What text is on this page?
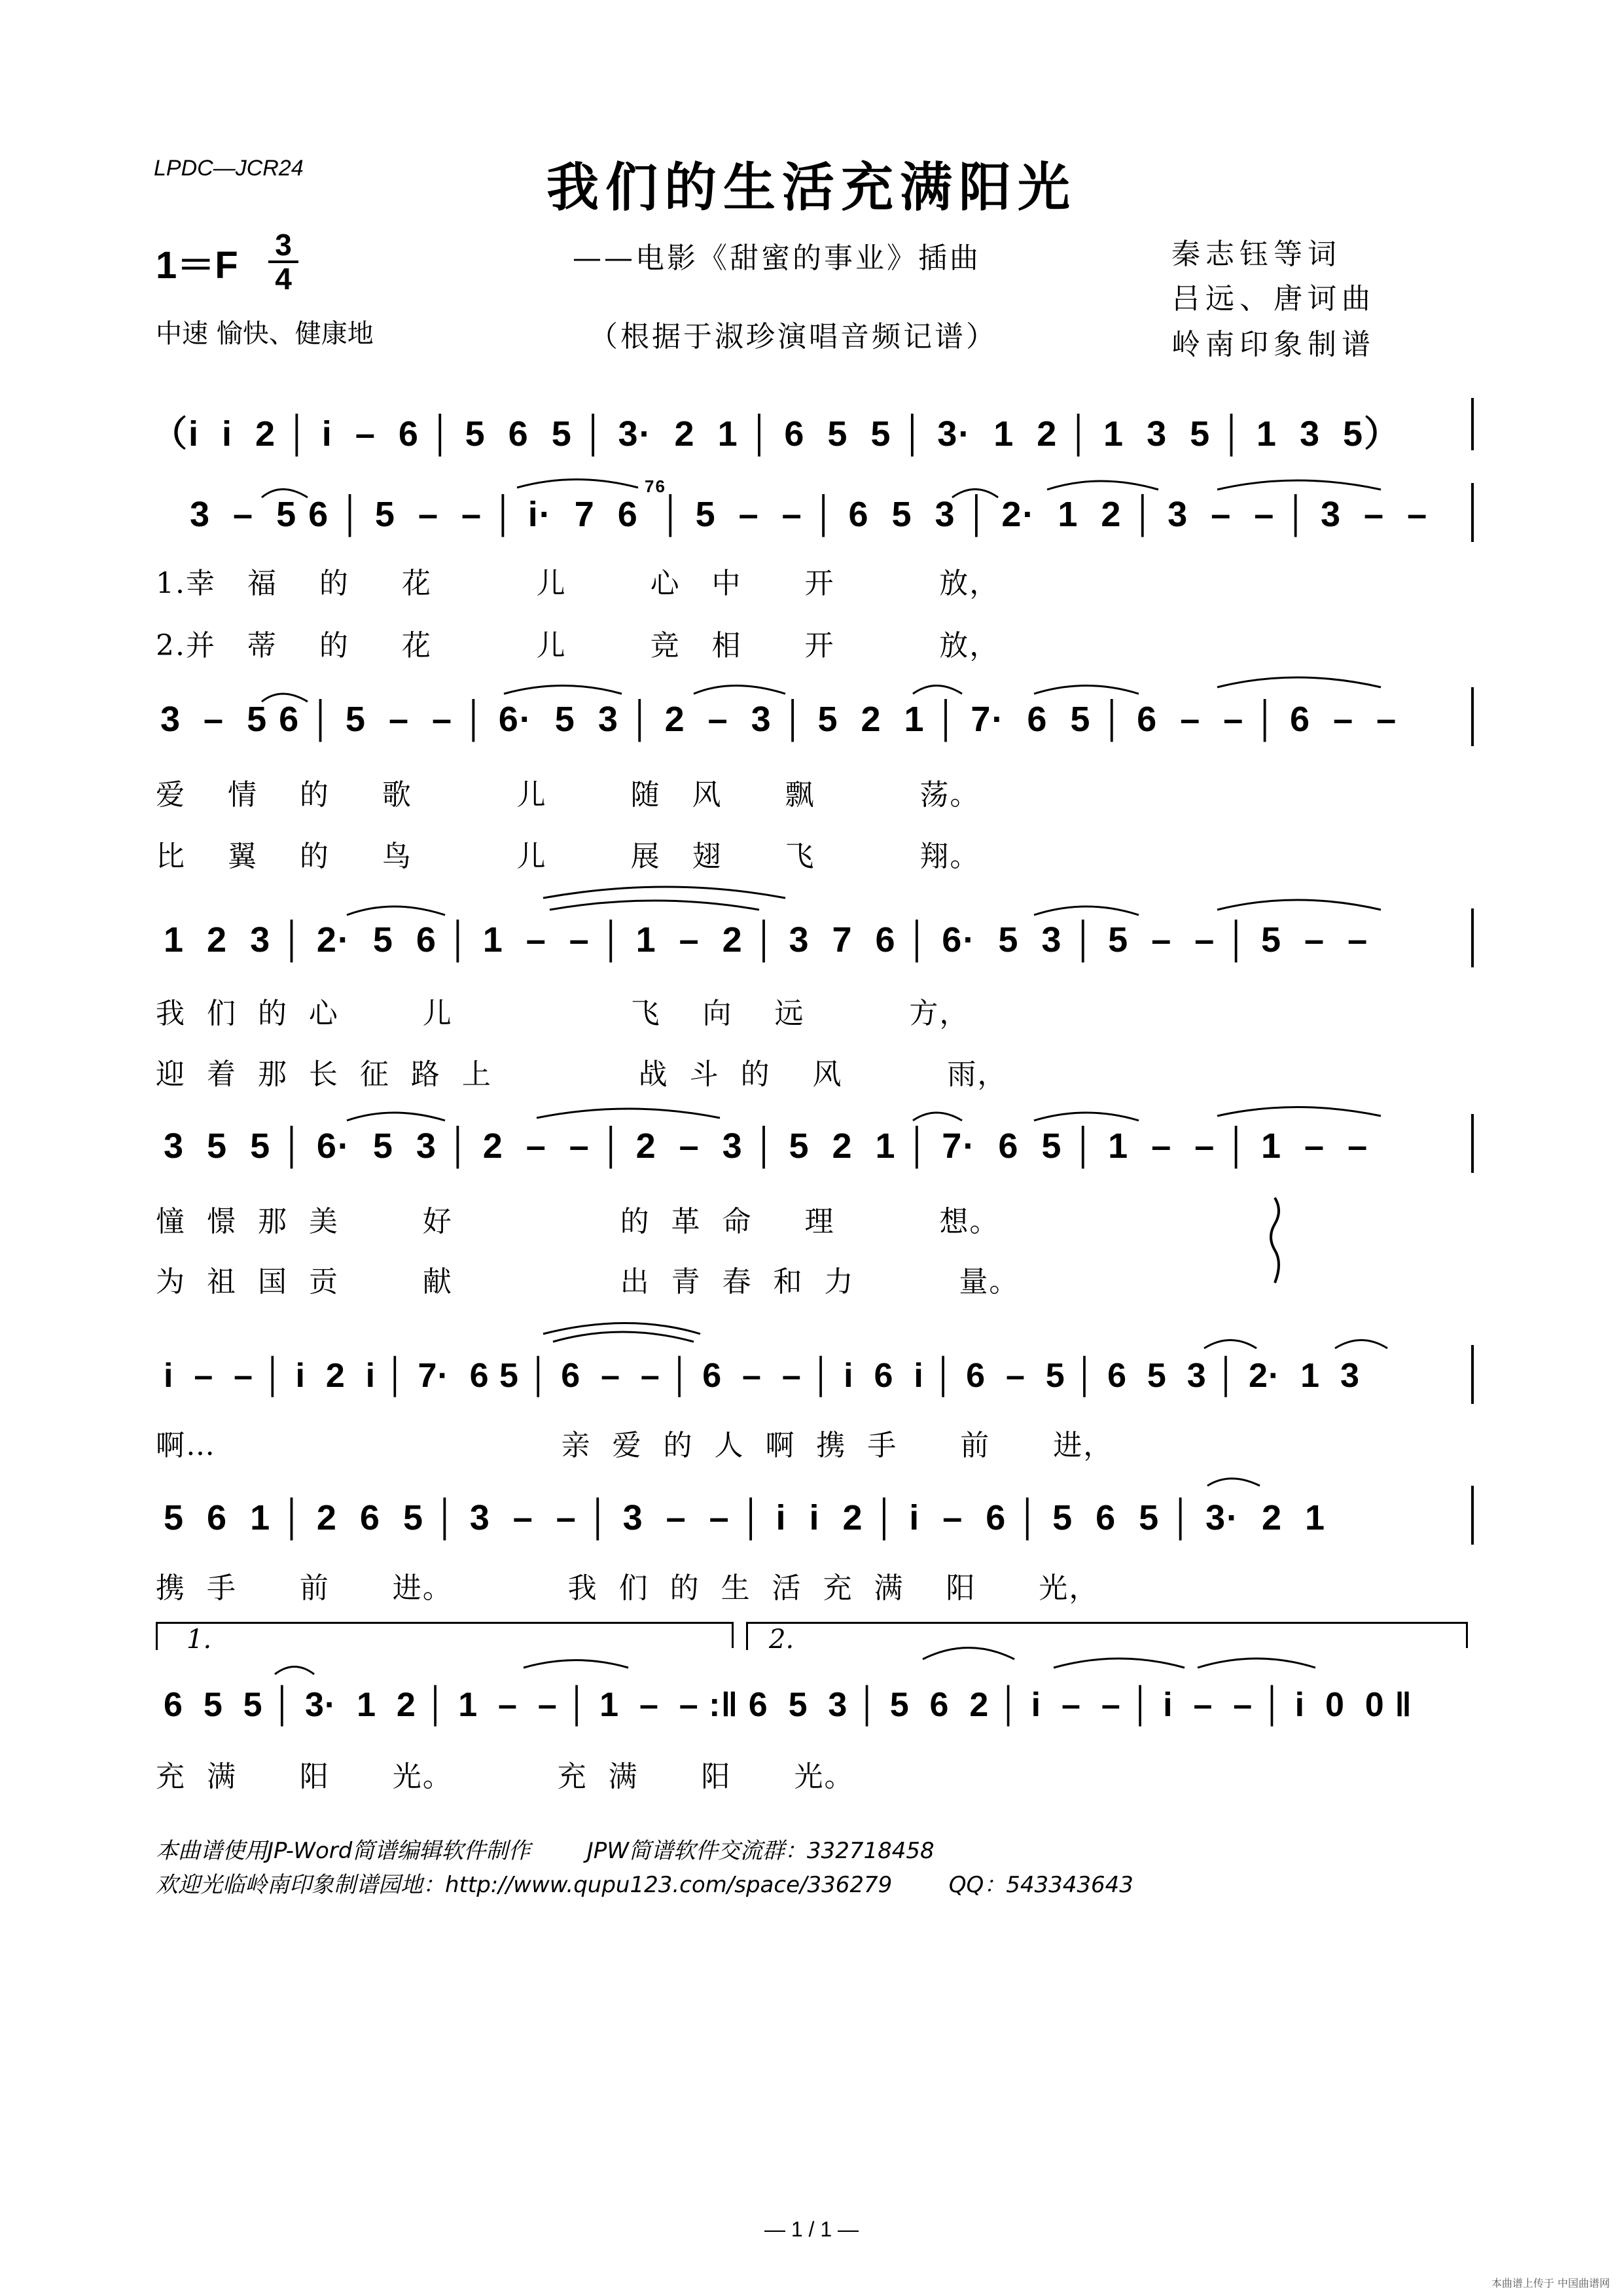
LPDC—JCR24	我们的生活充满阳光
1＝F 3
4
——电影《甜蜜的事业》插曲
中速 愉快、健康地	（根据于淑珍演唱音频记谱）
秦志钰等词
吕远、唐诃曲
岭南印象制谱
（i  i  2 │ i  –  6 │ 5  6  5 │ 3·  2  1 │ 6  5  5 │ 3·  1  2 │ 1  3  5 │ 1  3  5）
3  –  5 6 │ 5  –  – │ i·  7  6  │ 5  –  – │ 6  5  3 │ 2·  1  2 │ 3  –  – │ 3  –  –
76
1.幸   福    的     花          儿        心   中      开          放，
2.并   蒂    的     花          儿        竞   相      开          放，
3  –  5 6 │ 5  –  – │ 6·  5  3 │ 2  –  3 │ 5  2  1 │ 7·  6  5 │ 6  –  – │ 6  –  –
爱    情    的     歌          儿        随   风      飘          荡。
比    翼    的     鸟          儿        展   翅      飞          翔。
1  2  3 │ 2·  5  6 │ 1  –  – │ 1  –  2 │ 3  7  6 │ 6·  5  3 │ 5  –  – │ 5  –  –
我  们  的  心        儿                 飞    向    远          方，
迎  着  那  长  征  路  上              战  斗  的    风          雨，
3  5  5 │ 6·  5  3 │ 2  –  – │ 2  –  3 │ 5  2  1 │ 7·  6  5 │ 1  –  – │ 1  –  –
憧  憬  那  美        好                的  革  命     理          想。
为  祖  国  贡        献                出  青  春  和  力          量。
i  –  – │ i  2  i │ 7·  6 5 │ 6  –  – │ 6  –  – │ i  6  i │ 6  –  5 │ 6  5  3 │ 2·  1  3
啊…                                 亲  爱  的  人  啊  携  手      前      进，
5  6  1 │ 2  6  5 │ 3  –  – │ 3  –  – │ i  i  2 │ i  –  6 │ 5  6  5 │ 3·  2  1
携  手      前      进。           我  们  的  生  活  充  满    阳      光，
1.	2.
6  5  5 │ 3·  1  2 │ 1  –  – │ 1  –  – :‖ 6  5  3 │ 5  6  2 │ i  –  – │ i  –  – │ i  0  0 ‖
充  满      阳      光。          充  满      阳      光。
本曲谱使用JP-Word简谱编辑软件制作        JPW简谱软件交流群：332718458
欢迎光临岭南印象制谱园地：http://www.qupu123.com/space/336279        QQ：543343643
— 1 / 1 —
本曲谱上传于 中国曲谱网
